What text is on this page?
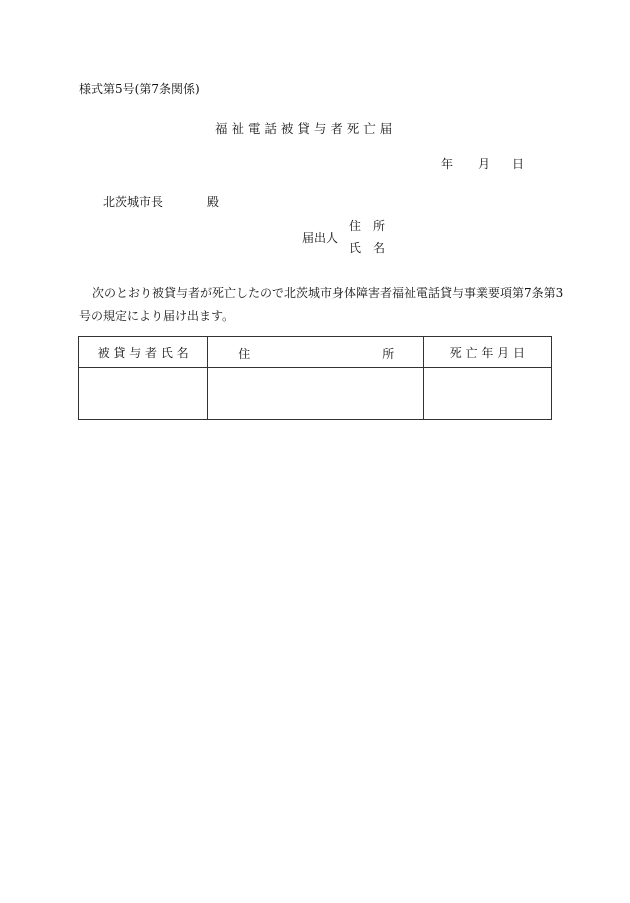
様式第5号(第7条関係)
福 祉 電 話 被 貸 与 者 死 亡 届
年 月 日
北茨城市長	殿
届出人
住　所
氏　名
次のとおり被貸与者が死亡したので北茨城市身体障害者福祉電話貸与事業要項第7条第3
号の規定により届け出ます。
被 貸 与 者 氏 名	住 所	死 亡 年 月 日
